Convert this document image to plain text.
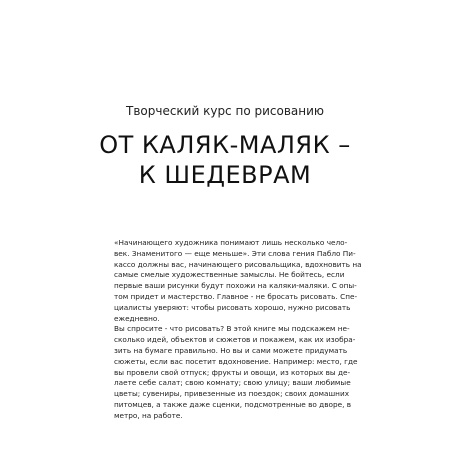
Творческий курс по рисованию
ОТ КАЛЯК-МАЛЯК –
К ШЕДЕВРАМ
«Начинающего художника понимают лишь несколько чело-
век. Знаменитого — еще меньше». Эти слова гения Пабло Пи-
кассо должны вас, начинающего рисовальщика, вдохновить на
самые смелые художественные замыслы. Не бойтесь, если
первые ваши рисунки будут похожи на каляки-маляки. С опы-
том придет и мастерство. Главное - не бросать рисовать. Спе-
циалисты уверяют: чтобы рисовать хорошо, нужно рисовать
ежедневно.
Вы спросите - что рисовать? В этой книге мы подскажем не-
сколько идей, объектов и сюжетов и покажем, как их изобра-
зить на бумаге правильно. Но вы и сами можете придумать
сюжеты, если вас посетит вдохновение. Например: место, где
вы провели свой отпуск; фрукты и овощи, из которых вы де-
лаете себе салат; свою комнату; свою улицу; ваши любимые
цветы; сувениры, привезенные из поездок; своих домашних
питомцев, а также даже сценки, подсмотренные во дворе, в
метро, на работе.
